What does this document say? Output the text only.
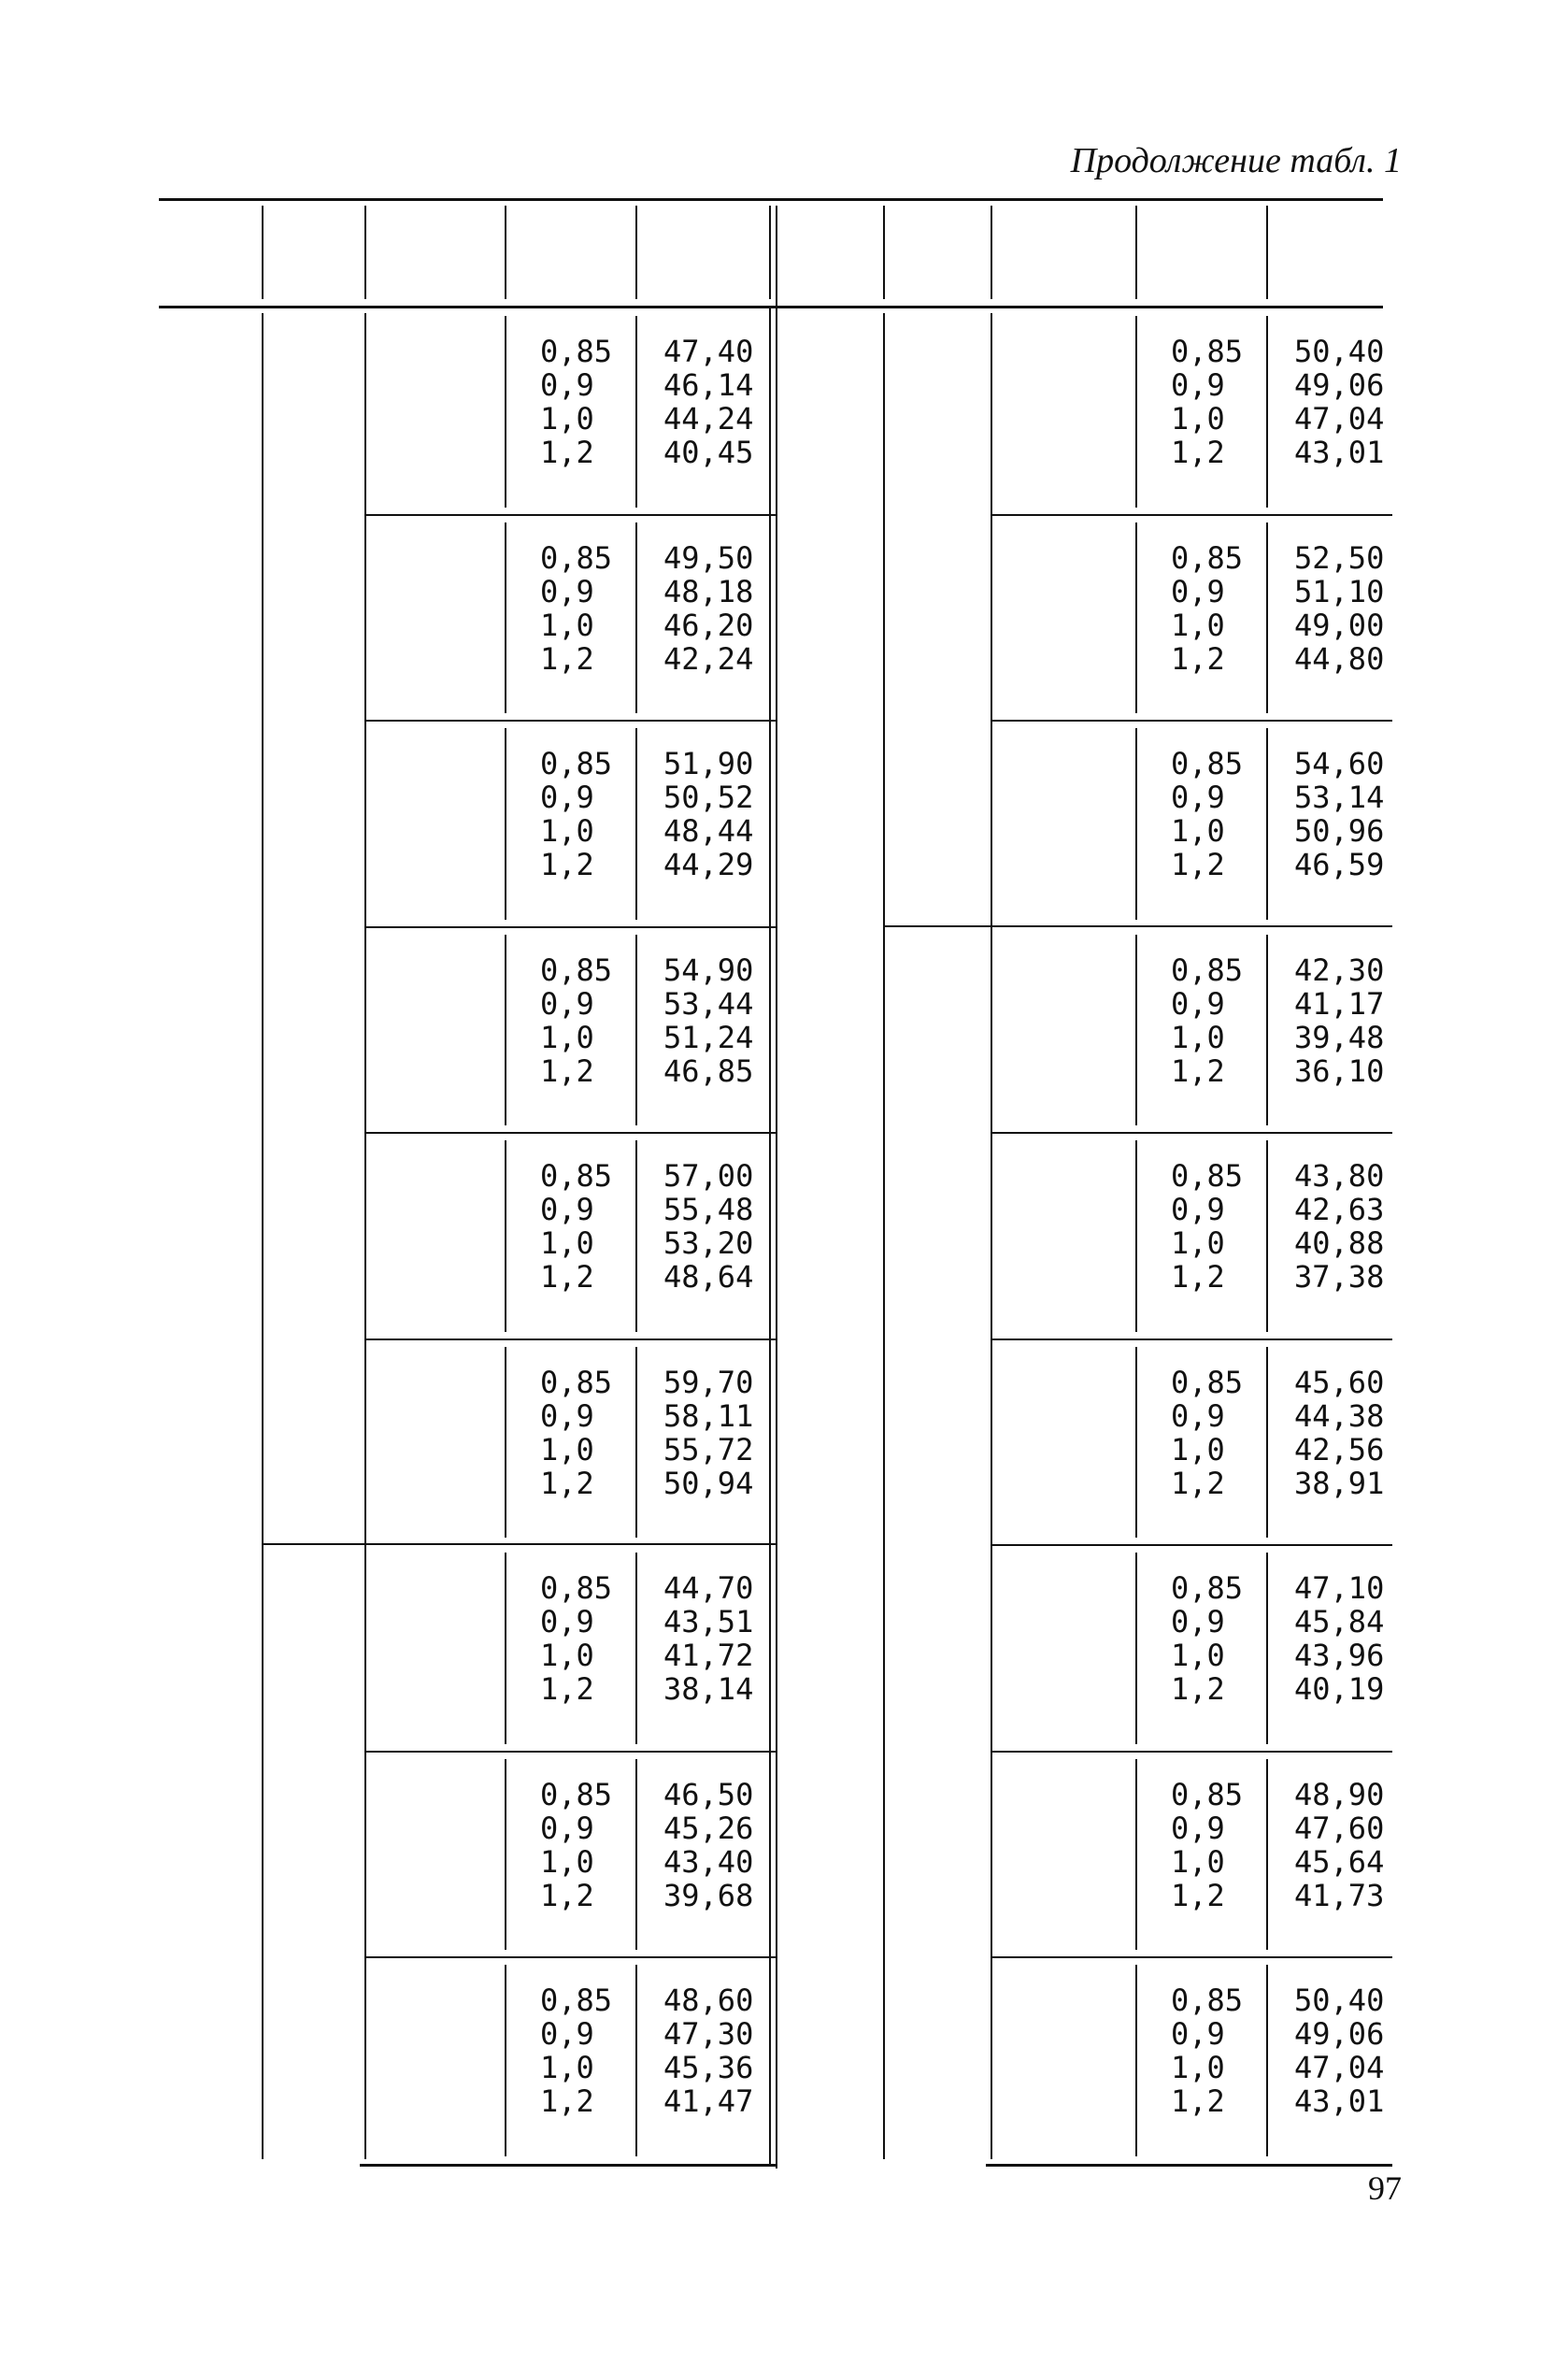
Продолжение табл. 1
0,85
0,9
1,0
1,2
47,40
46,14
44,24
40,45
0,85
0,9
1,0
1,2
49,50
48,18
46,20
42,24
0,85
0,9
1,0
1,2
51,90
50,52
48,44
44,29
0,85
0,9
1,0
1,2
54,90
53,44
51,24
46,85
0,85
0,9
1,0
1,2
57,00
55,48
53,20
48,64
0,85
0,9
1,0
1,2
59,70
58,11
55,72
50,94
0,85
0,9
1,0
1,2
44,70
43,51
41,72
38,14
0,85
0,9
1,0
1,2
46,50
45,26
43,40
39,68
0,85
0,9
1,0
1,2
48,60
47,30
45,36
41,47
0,85
0,9
1,0
1,2
50,40
49,06
47,04
43,01
0,85
0,9
1,0
1,2
52,50
51,10
49,00
44,80
0,85
0,9
1,0
1,2
54,60
53,14
50,96
46,59
0,85
0,9
1,0
1,2
42,30
41,17
39,48
36,10
0,85
0,9
1,0
1,2
43,80
42,63
40,88
37,38
0,85
0,9
1,0
1,2
45,60
44,38
42,56
38,91
0,85
0,9
1,0
1,2
47,10
45,84
43,96
40,19
0,85
0,9
1,0
1,2
48,90
47,60
45,64
41,73
0,85
0,9
1,0
1,2
50,40
49,06
47,04
43,01
97
